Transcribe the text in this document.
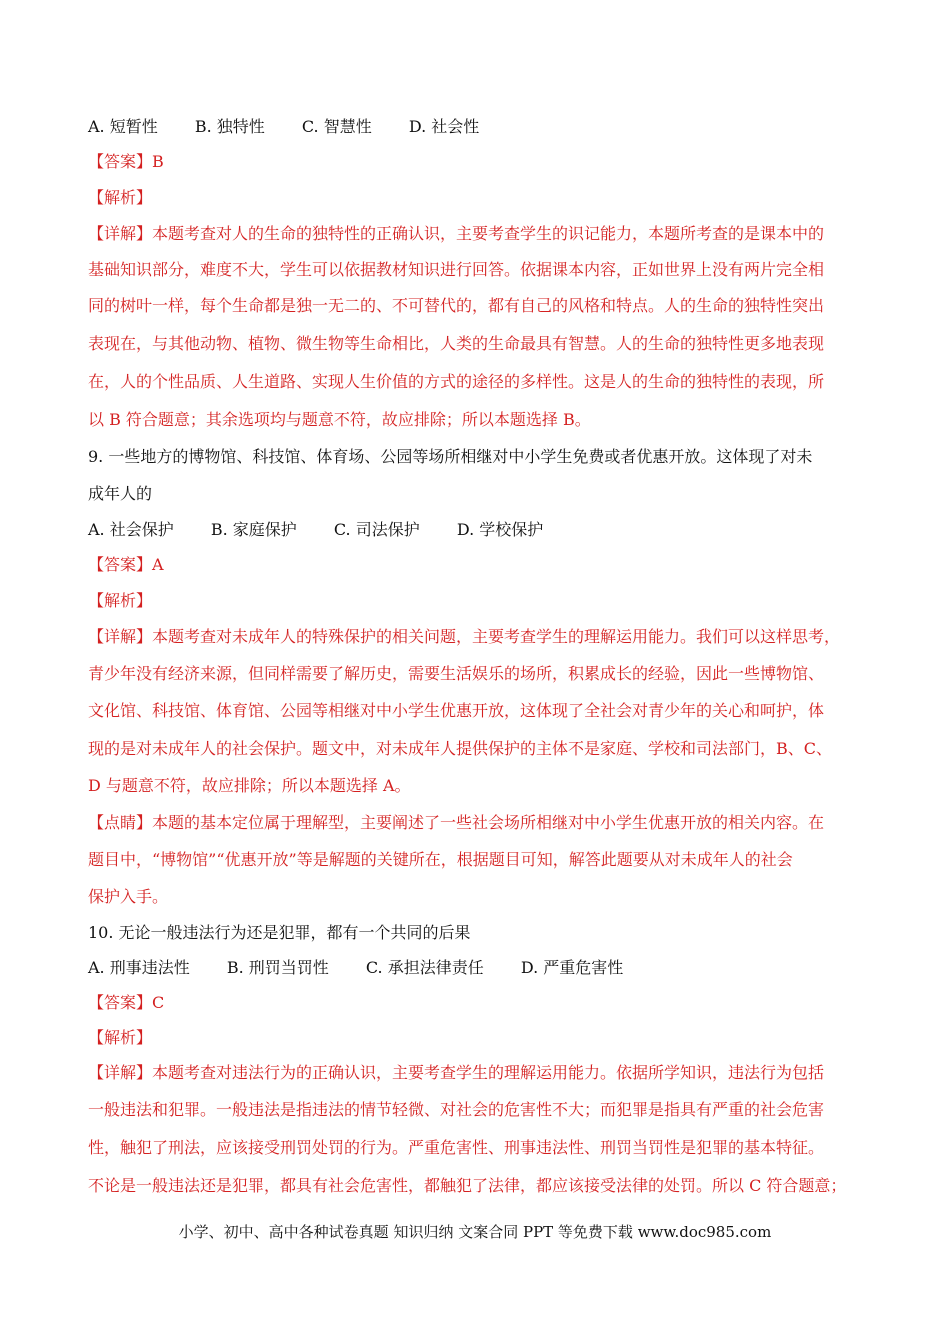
A. 短暂性 B. 独特性 C. 智慧性 D. 社会性
【答案】B
【解析】
【详解】本题考查对人的生命的独特性的正确认识，主要考查学生的识记能力，本题所考查的是课本中的
基础知识部分，难度不大，学生可以依据教材知识进行回答。依据课本内容，正如世界上没有两片完全相
同的树叶一样，每个生命都是独一无二的、不可替代的，都有自己的风格和特点。人的生命的独特性突出
表现在，与其他动物、植物、微生物等生命相比，人类的生命最具有智慧。人的生命的独特性更多地表现
在，人的个性品质、人生道路、实现人生价值的方式的途径的多样性。这是人的生命的独特性的表现，所
以 B 符合题意；其余选项均与题意不符，故应排除；所以本题选择 B。
9. 一些地方的博物馆、科技馆、体育场、公园等场所相继对中小学生免费或者优惠开放。这体现了对未
成年人的
A. 社会保护 B. 家庭保护 C. 司法保护 D. 学校保护
【答案】A
【解析】
【详解】本题考查对未成年人的特殊保护的相关问题，主要考查学生的理解运用能力。我们可以这样思考，
青少年没有经济来源，但同样需要了解历史，需要生活娱乐的场所，积累成长的经验，因此一些博物馆、
文化馆、科技馆、体育馆、公园等相继对中小学生优惠开放，这体现了全社会对青少年的关心和呵护，体
现的是对未成年人的社会保护。题文中，对未成年人提供保护的主体不是家庭、学校和司法部门，B、C、
D 与题意不符，故应排除；所以本题选择 A。
【点睛】本题的基本定位属于理解型，主要阐述了一些社会场所相继对中小学生优惠开放的相关内容。在
题目中，“博物馆”“优惠开放”等是解题的关键所在，根据题目可知，解答此题要从对未成年人的社会
保护入手。
10. 无论一般违法行为还是犯罪，都有一个共同的后果
A. 刑事违法性 B. 刑罚当罚性 C. 承担法律责任 D. 严重危害性
【答案】C
【解析】
【详解】本题考查对违法行为的正确认识，主要考查学生的理解运用能力。依据所学知识，违法行为包括
一般违法和犯罪。一般违法是指违法的情节轻微、对社会的危害性不大；而犯罪是指具有严重的社会危害
性，触犯了刑法，应该接受刑罚处罚的行为。严重危害性、刑事违法性、刑罚当罚性是犯罪的基本特征。
不论是一般违法还是犯罪，都具有社会危害性，都触犯了法律，都应该接受法律的处罚。所以 C 符合题意；
小学、初中、高中各种试卷真题 知识归纳 文案合同 PPT 等免费下载 www.doc985.com
